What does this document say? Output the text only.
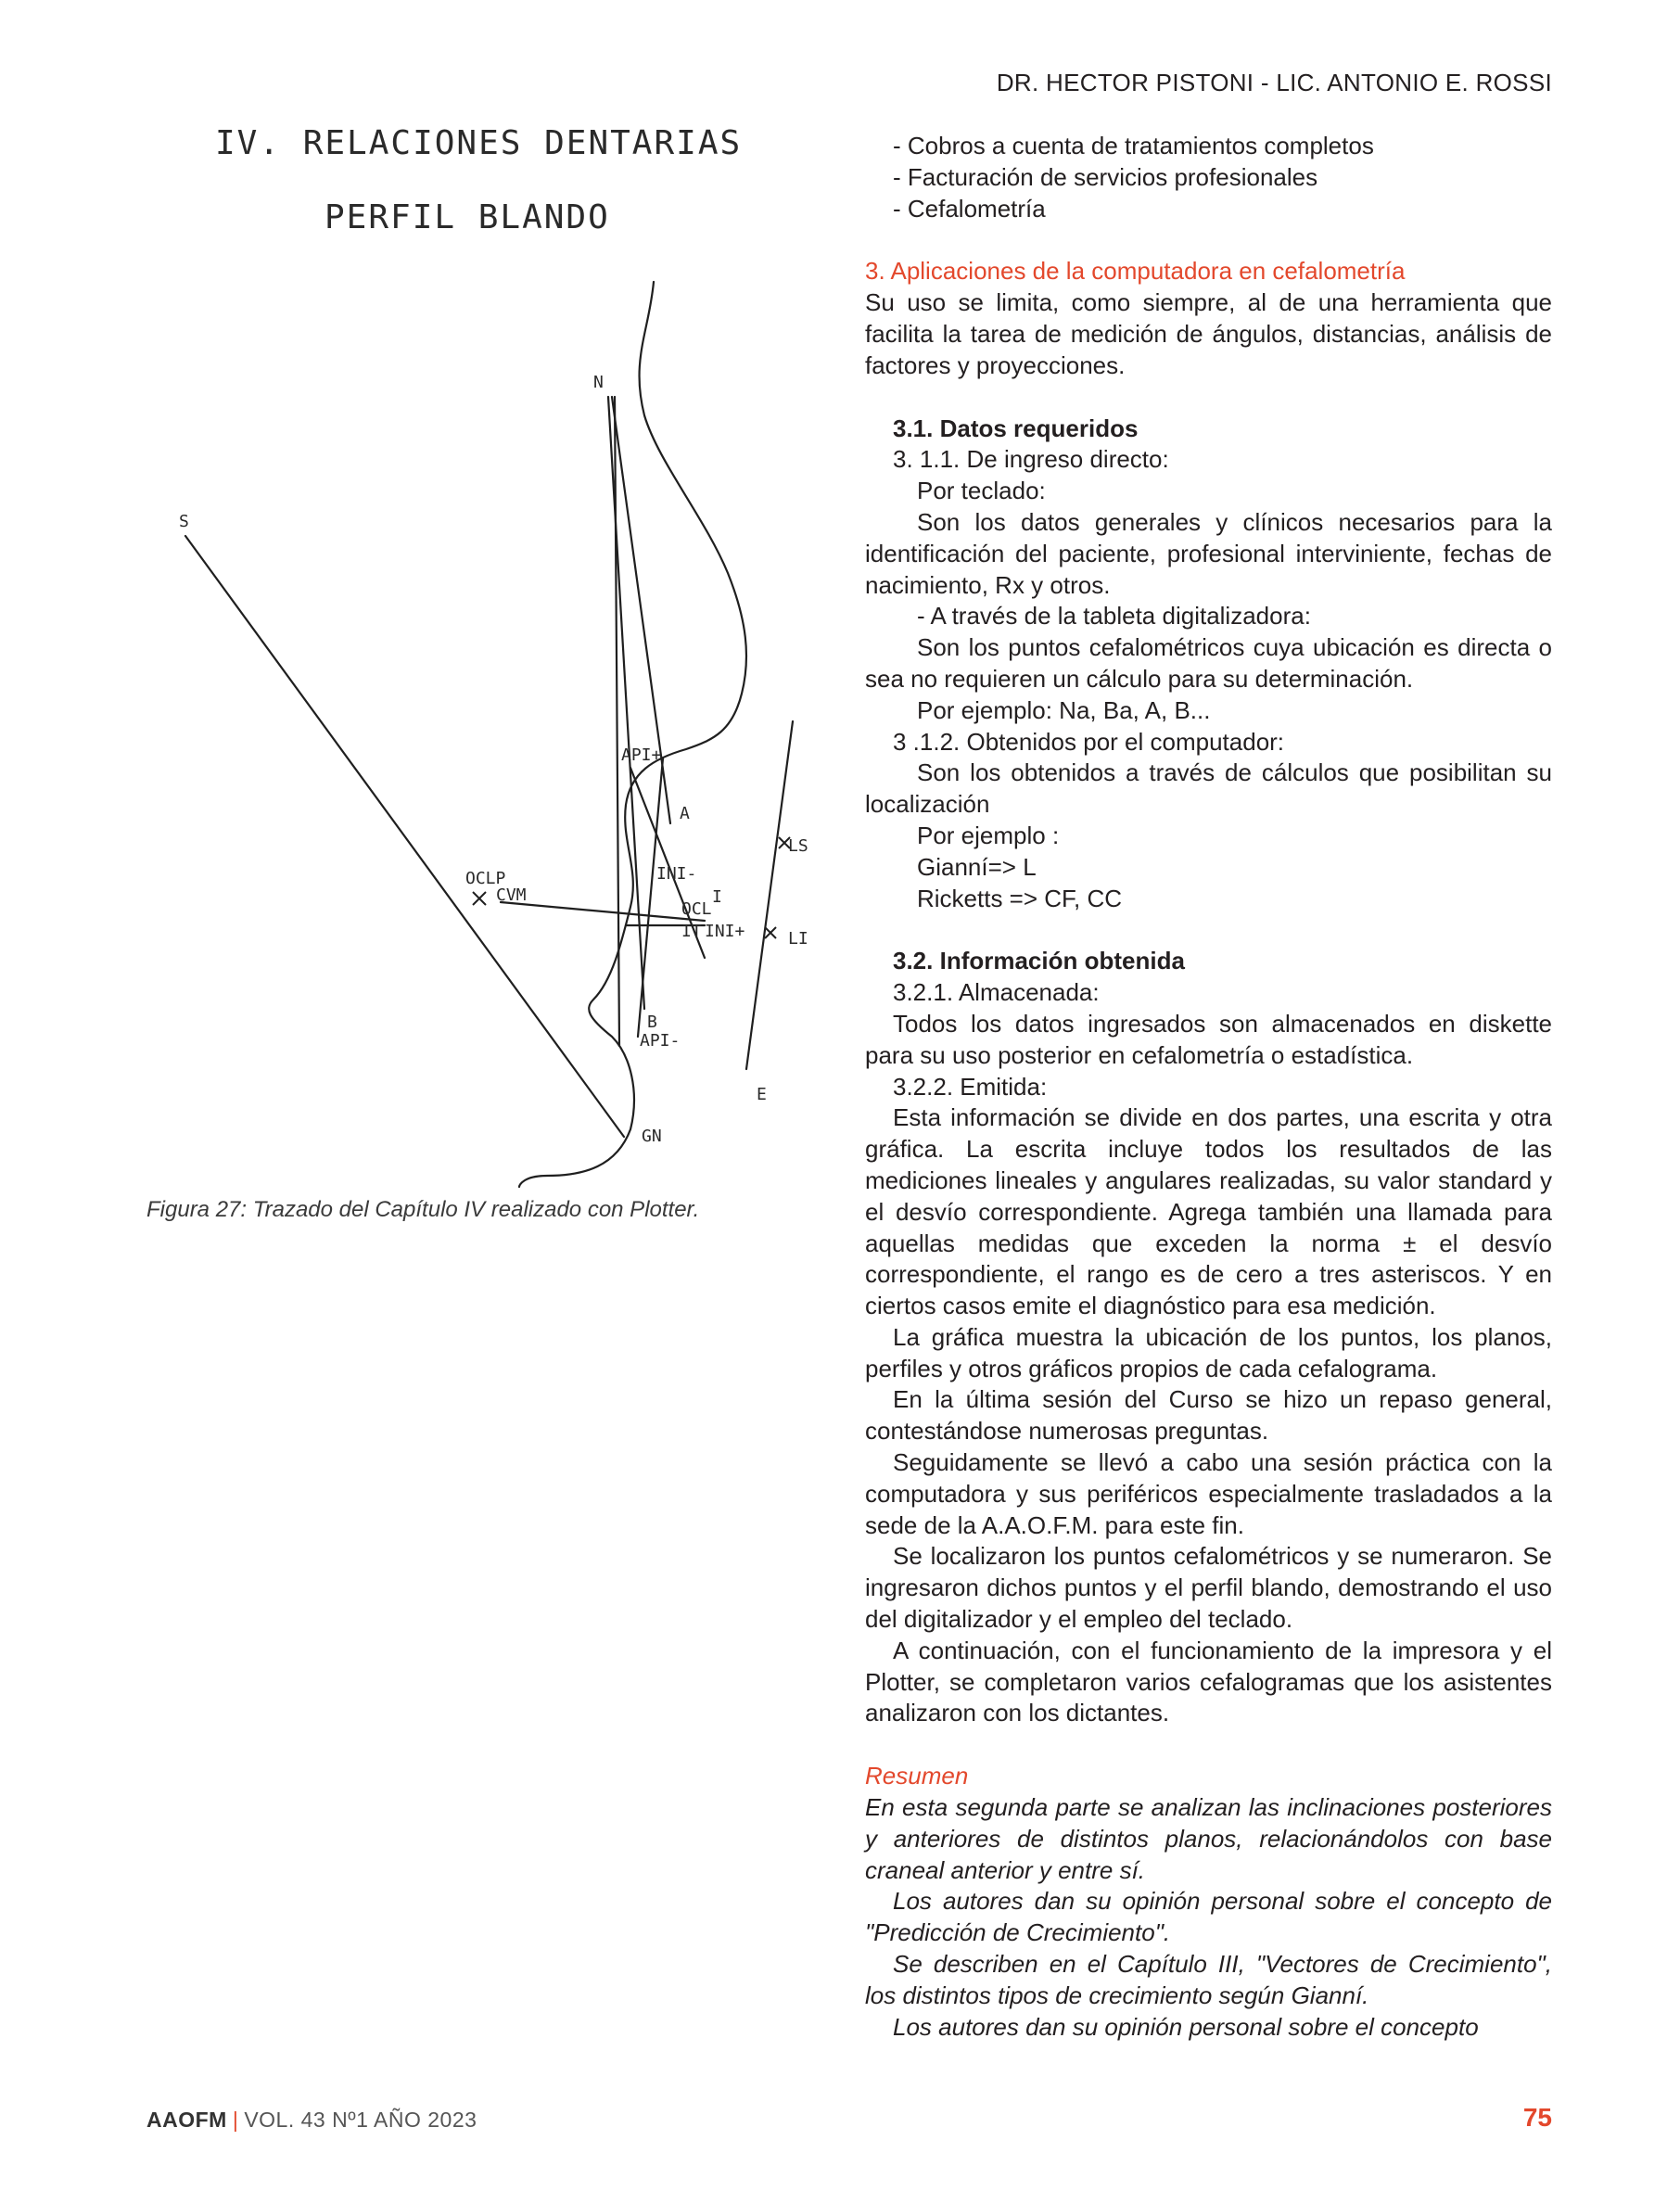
DR. HECTOR PISTONI - LIC. ANTONIO E. ROSSI
IV. RELACIONES DENTARIAS
PERFIL BLANDO
N
S
API+
A
LS
OCLP
CVM
INI-
OCL
I
IT INI+	LI
B
API-
E
GN
Figura 27: Trazado del Capítulo IV realizado con Plotter.

- Cobros a cuenta de tratamientos completos

- Facturación de servicios profesionales

- Cefalometría

3. Aplicaciones de la computadora en cefalometría

Su uso se limita, como siempre, al de una herramienta que facilita la tarea de medición de ángulos, distancias, análisis de factores y proyecciones.

3.1. Datos requeridos

3. 1.1. De ingreso directo:

Por teclado:

Son los datos generales y clínicos necesarios para la identificación del paciente, profesional interviniente, fechas de nacimiento, Rx y otros.

- A través de la tableta digitalizadora:

Son los puntos cefalométricos cuya ubicación es directa o sea no requieren un cálculo para su determinación.

Por ejemplo: Na, Ba, A, B...

3 .1.2. Obtenidos por el computador:

Son los obtenidos a través de cálculos que posibilitan su localización

Por ejemplo :

Gianní=> L

Ricketts => CF, CC

3.2. Información obtenida

3.2.1. Almacenada:

Todos los datos ingresados son almacenados en diskette para su uso posterior en cefalometría o estadística.

3.2.2. Emitida:

Esta información se divide en dos partes, una escrita y otra gráfica. La escrita incluye todos los resultados de las mediciones lineales y angulares realizadas, su valor standard y el desvío correspondiente. Agrega también una llamada para aquellas medidas que exceden la norma ± el desvío correspondiente, el rango es de cero a tres asteriscos. Y en ciertos casos emite el diagnóstico para esa medición.

La gráfica muestra la ubicación de los puntos, los planos, perfiles y otros gráficos propios de cada cefalograma.

En la última sesión del Curso se hizo un repaso general, contestándose numerosas preguntas.

Seguidamente se llevó a cabo una sesión práctica con la computadora y sus periféricos especialmente trasladados a la sede de la A.A.O.F.M. para este fin.

Se localizaron los puntos cefalométricos y se numeraron. Se ingresaron dichos puntos y el perfil blando, demostrando el uso del digitalizador y el empleo del teclado.

A continuación, con el funcionamiento de la impresora y el Plotter, se completaron varios cefalogramas que los asistentes analizaron con los dictantes.

Resumen

En esta segunda parte se analizan las inclinaciones posteriores y anteriores de distintos planos, relacionándolos con base craneal anterior y entre sí.

Los autores dan su opinión personal sobre el concepto de "Predicción de Crecimiento".

Se describen en el Capítulo III, "Vectores de Crecimiento", los distintos tipos de crecimiento según Gianní.

Los autores dan su opinión personal sobre el concepto

AAOFM | VOL. 43 Nº1 AÑO 2023	75
